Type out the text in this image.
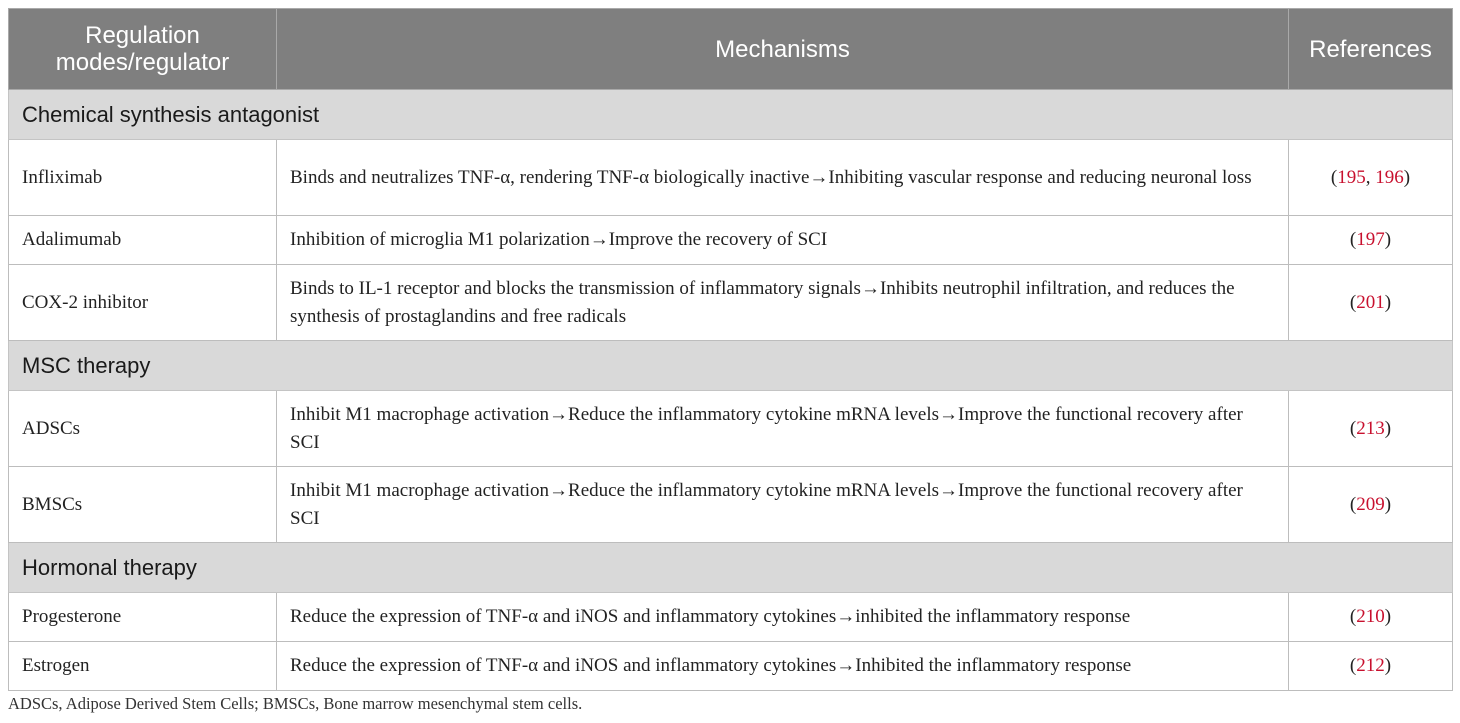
Regulation modes/regulator	Mechanisms	References
Chemical synthesis antagonist		
Infliximab	Binds and neutralizes TNF-α, rendering TNF-α biologically inactive→Inhibiting vascular response and reducing neuronal loss	(195, 196)
Adalimumab	Inhibition of microglia M1 polarization→Improve the recovery of SCI	(197)
COX-2 inhibitor	Binds to IL-1 receptor and blocks the transmission of inflammatory signals→Inhibits neutrophil infiltration, and reduces the synthesis of prostaglandins and free radicals	(201)
MSC therapy		
ADSCs	Inhibit M1 macrophage activation→Reduce the inflammatory cytokine mRNA levels→Improve the functional recovery after SCI	(213)
BMSCs	Inhibit M1 macrophage activation→Reduce the inflammatory cytokine mRNA levels→Improve the functional recovery after SCI	(209)
Hormonal therapy		
Progesterone	Reduce the expression of TNF-α and iNOS and inflammatory cytokines→inhibited the inflammatory response	(210)
Estrogen	Reduce the expression of TNF-α and iNOS and inflammatory cytokines→Inhibited the inflammatory response	(212)
ADSCs, Adipose Derived Stem Cells; BMSCs, Bone marrow mesenchymal stem cells.
